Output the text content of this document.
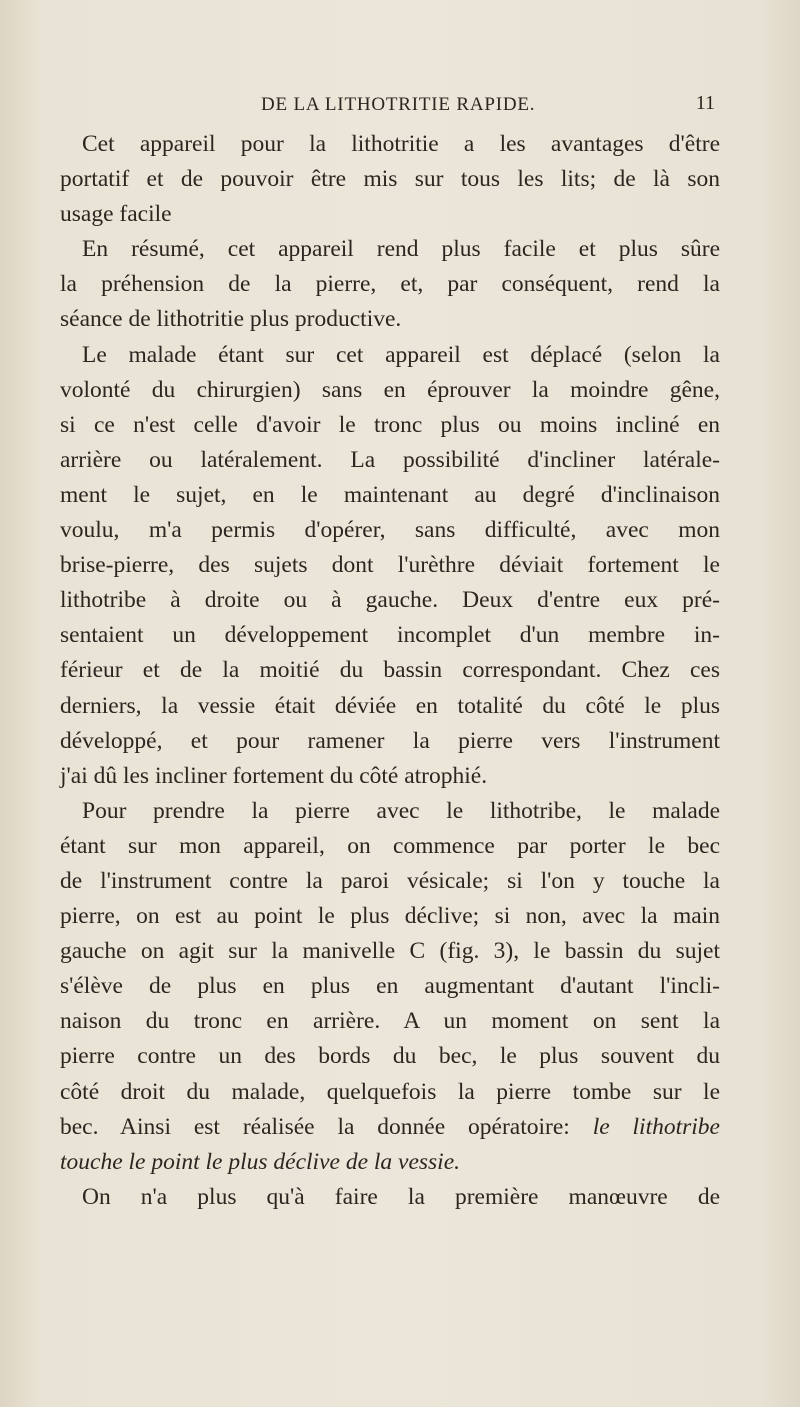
DE LA LITHOTRITIE RAPIDE.	11
Cet appareil pour la lithotritie a les avantages d'être
portatif et de pouvoir être mis sur tous les lits; de là son
usage facile
En résumé, cet appareil rend plus facile et plus sûre
la préhension de la pierre, et, par conséquent, rend la
séance de lithotritie plus productive.
Le malade étant sur cet appareil est déplacé (selon la
volonté du chirurgien) sans en éprouver la moindre gêne,
si ce n'est celle d'avoir le tronc plus ou moins incliné en
arrière ou latéralement. La possibilité d'incliner latérale-
ment le sujet, en le maintenant au degré d'inclinaison
voulu, m'a permis d'opérer, sans difficulté, avec mon
brise-pierre, des sujets dont l'urèthre déviait fortement le
lithotribe à droite ou à gauche. Deux d'entre eux pré-
sentaient un développement incomplet d'un membre in-
férieur et de la moitié du bassin correspondant. Chez ces
derniers, la vessie était déviée en totalité du côté le plus
développé, et pour ramener la pierre vers l'instrument
j'ai dû les incliner fortement du côté atrophié.
Pour prendre la pierre avec le lithotribe, le malade
étant sur mon appareil, on commence par porter le bec
de l'instrument contre la paroi vésicale; si l'on y touche la
pierre, on est au point le plus déclive; si non, avec la main
gauche on agit sur la manivelle C (fig. 3), le bassin du sujet
s'élève de plus en plus en augmentant d'autant l'incli-
naison du tronc en arrière. A un moment on sent la
pierre contre un des bords du bec, le plus souvent du
côté droit du malade, quelquefois la pierre tombe sur le
bec. Ainsi est réalisée la donnée opératoire: le lithotribe
touche le point le plus déclive de la vessie.
On n'a plus qu'à faire la première manœuvre de
